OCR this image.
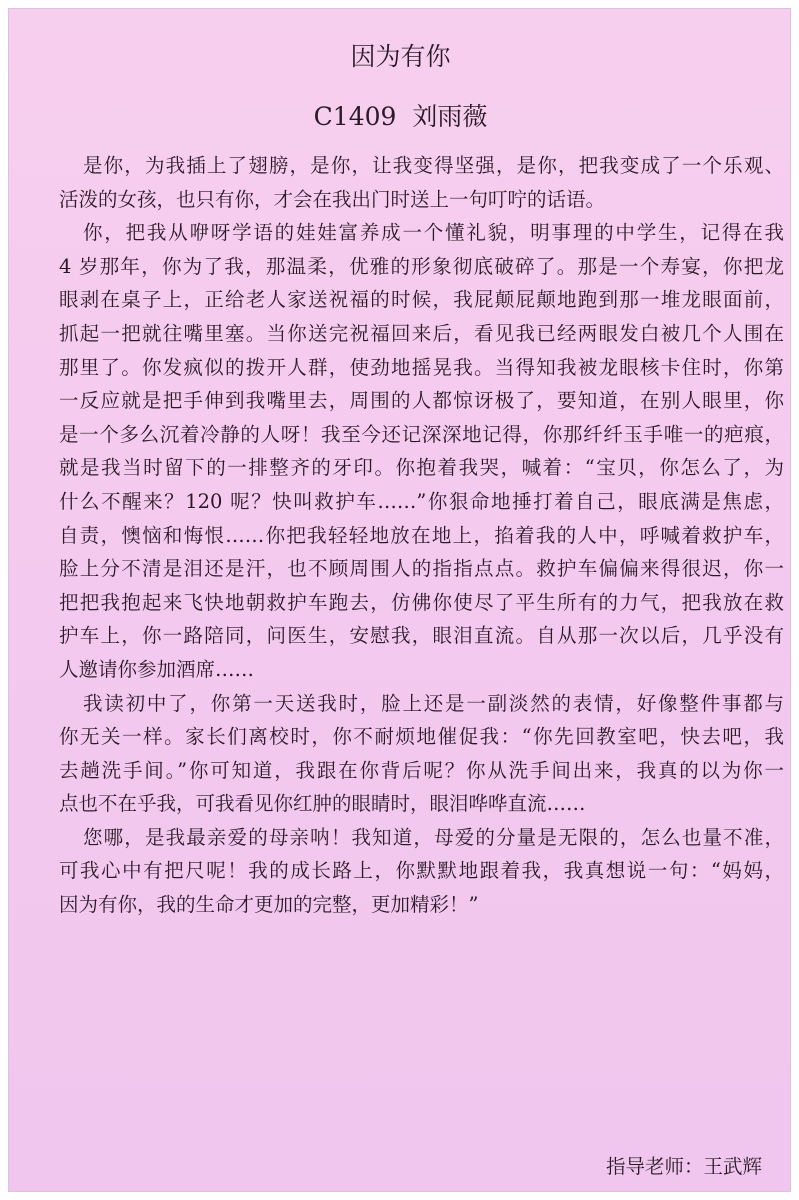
因为有你
C1409  刘雨薇

是你，为我插上了翅膀，是你，让我变得坚强，是你，把我变成了一个乐观、
活泼的女孩，也只有你，才会在我出门时送上一句叮咛的话语。

你，把我从咿呀学语的娃娃富养成一个懂礼貌，明事理的中学生，记得在我
4 岁那年，你为了我，那温柔，优雅的形象彻底破碎了。那是一个寿宴，你把龙
眼剥在桌子上，正给老人家送祝福的时候，我屁颠屁颠地跑到那一堆龙眼面前，
抓起一把就往嘴里塞。当你送完祝福回来后，看见我已经两眼发白被几个人围在
那里了。你发疯似的拨开人群，使劲地摇晃我。当得知我被龙眼核卡住时，你第
一反应就是把手伸到我嘴里去，周围的人都惊讶极了，要知道，在别人眼里，你
是一个多么沉着冷静的人呀！我至今还记深深地记得，你那纤纤玉手唯一的疤痕，
就是我当时留下的一排整齐的牙印。你抱着我哭，喊着：“宝贝，你怎么了，为
什么不醒来？120 呢？快叫救护车……”你狠命地捶打着自己，眼底满是焦虑，
自责，懊恼和悔恨……你把我轻轻地放在地上，掐着我的人中，呼喊着救护车，
脸上分不清是泪还是汗，也不顾周围人的指指点点。救护车偏偏来得很迟，你一
把把我抱起来飞快地朝救护车跑去，仿佛你使尽了平生所有的力气，把我放在救
护车上，你一路陪同，问医生，安慰我，眼泪直流。自从那一次以后，几乎没有
人邀请你参加酒席……

我读初中了，你第一天送我时，脸上还是一副淡然的表情，好像整件事都与
你无关一样。家长们离校时，你不耐烦地催促我：“你先回教室吧，快去吧，我
去趟洗手间。”你可知道，我跟在你背后呢？你从洗手间出来，我真的以为你一
点也不在乎我，可我看见你红肿的眼睛时，眼泪哗哗直流……

您哪，是我最亲爱的母亲呐！我知道，母爱的分量是无限的，怎么也量不准，
可我心中有把尺呢！我的成长路上，你默默地跟着我，我真想说一句：“妈妈，
因为有你，我的生命才更加的完整，更加精彩！”

指导老师：王武辉
